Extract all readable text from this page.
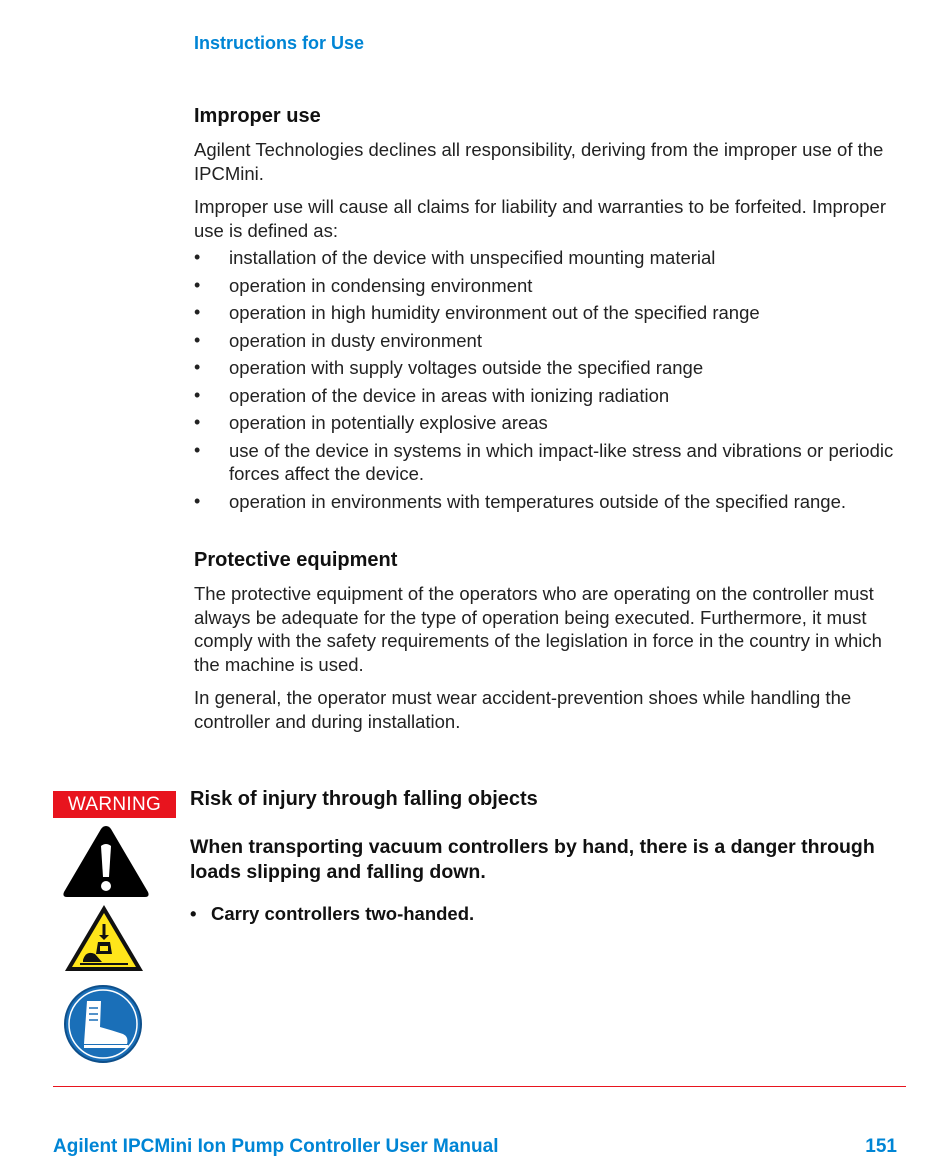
Instructions for Use
Improper use

Agilent Technologies declines all responsibility, deriving from the improper use of the IPCMini.

Improper use will cause all claims for liability and warranties to be forfeited. Improper use is defined as:

• installation of the device with unspecified mounting material
• operation in condensing environment
• operation in high humidity environment out of the specified range
• operation in dusty environment
• operation with supply voltages outside the specified range
• operation of the device in areas with ionizing radiation
• operation in potentially explosive areas
• use of the device in systems in which impact-like stress and vibrations or periodic forces affect the device.
• operation in environments with temperatures outside of the specified range.
Protective equipment

The protective equipment of the operators who are operating on the controller must always be adequate for the type of operation being executed. Furthermore, it must comply with the safety requirements of the legislation in force in the country in which the machine is used.

In general, the operator must wear accident-prevention shoes while handling the controller and during installation.

WARNING	Risk of injury through falling objects
When transporting vacuum controllers by hand, there is a danger through loads slipping and falling down.
• Carry controllers two-handed.
Agilent IPCMini Ion Pump Controller User Manual	151
